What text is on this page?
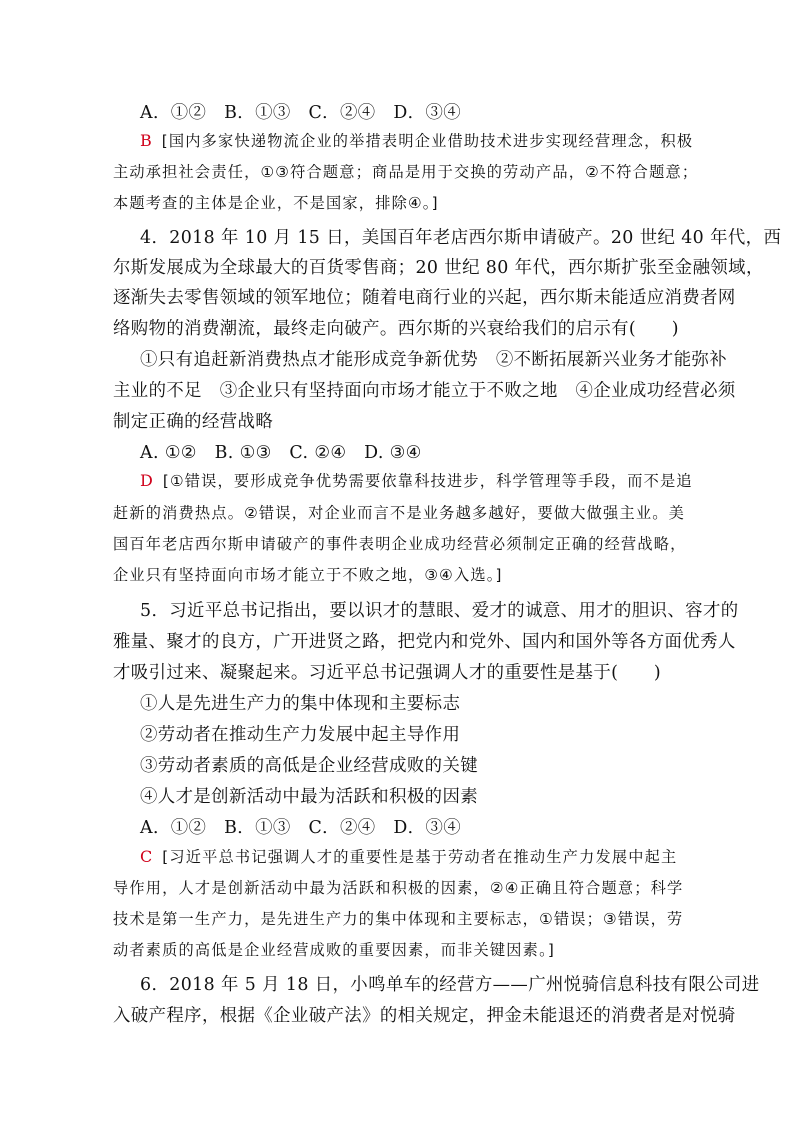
A．①②　B．①③　C．②④　D．③④
B [国内多家快递物流企业的举措表明企业借助技术进步实现经营理念，积极
主动承担社会责任，①③符合题意；商品是用于交换的劳动产品，②不符合题意；
本题考查的主体是企业，不是国家，排除④。]
4．2018 年 10 月 15 日，美国百年老店西尔斯申请破产。20 世纪 40 年代，西
尔斯发展成为全球最大的百货零售商；20 世纪 80 年代，西尔斯扩张至金融领域，
逐渐失去零售领域的领军地位；随着电商行业的兴起，西尔斯未能适应消费者网
络购物的消费潮流，最终走向破产。西尔斯的兴衰给我们的启示有(　　)
①只有追赶新消费热点才能形成竞争新优势　②不断拓展新兴业务才能弥补
主业的不足　③企业只有坚持面向市场才能立于不败之地　④企业成功经营必须
制定正确的经营战略
A. ①②　B. ①③　C. ②④　D. ③④
D [①错误，要形成竞争优势需要依靠科技进步，科学管理等手段，而不是追
赶新的消费热点。②错误，对企业而言不是业务越多越好，要做大做强主业。美
国百年老店西尔斯申请破产的事件表明企业成功经营必须制定正确的经营战略，
企业只有坚持面向市场才能立于不败之地，③④入选。]
5．习近平总书记指出，要以识才的慧眼、爱才的诚意、用才的胆识、容才的
雅量、聚才的良方，广开进贤之路，把党内和党外、国内和国外等各方面优秀人
才吸引过来、凝聚起来。习近平总书记强调人才的重要性是基于(　　)
①人是先进生产力的集中体现和主要标志
②劳动者在推动生产力发展中起主导作用
③劳动者素质的高低是企业经营成败的关键
④人才是创新活动中最为活跃和积极的因素
A．①②　B．①③　C．②④　D．③④
C [习近平总书记强调人才的重要性是基于劳动者在推动生产力发展中起主
导作用，人才是创新活动中最为活跃和积极的因素，②④正确且符合题意；科学
技术是第一生产力，是先进生产力的集中体现和主要标志，①错误；③错误，劳
动者素质的高低是企业经营成败的重要因素，而非关键因素。]
6．2018 年 5 月 18 日，小鸣单车的经营方——广州悦骑信息科技有限公司进
入破产程序，根据《企业破产法》的相关规定，押金未能退还的消费者是对悦骑
